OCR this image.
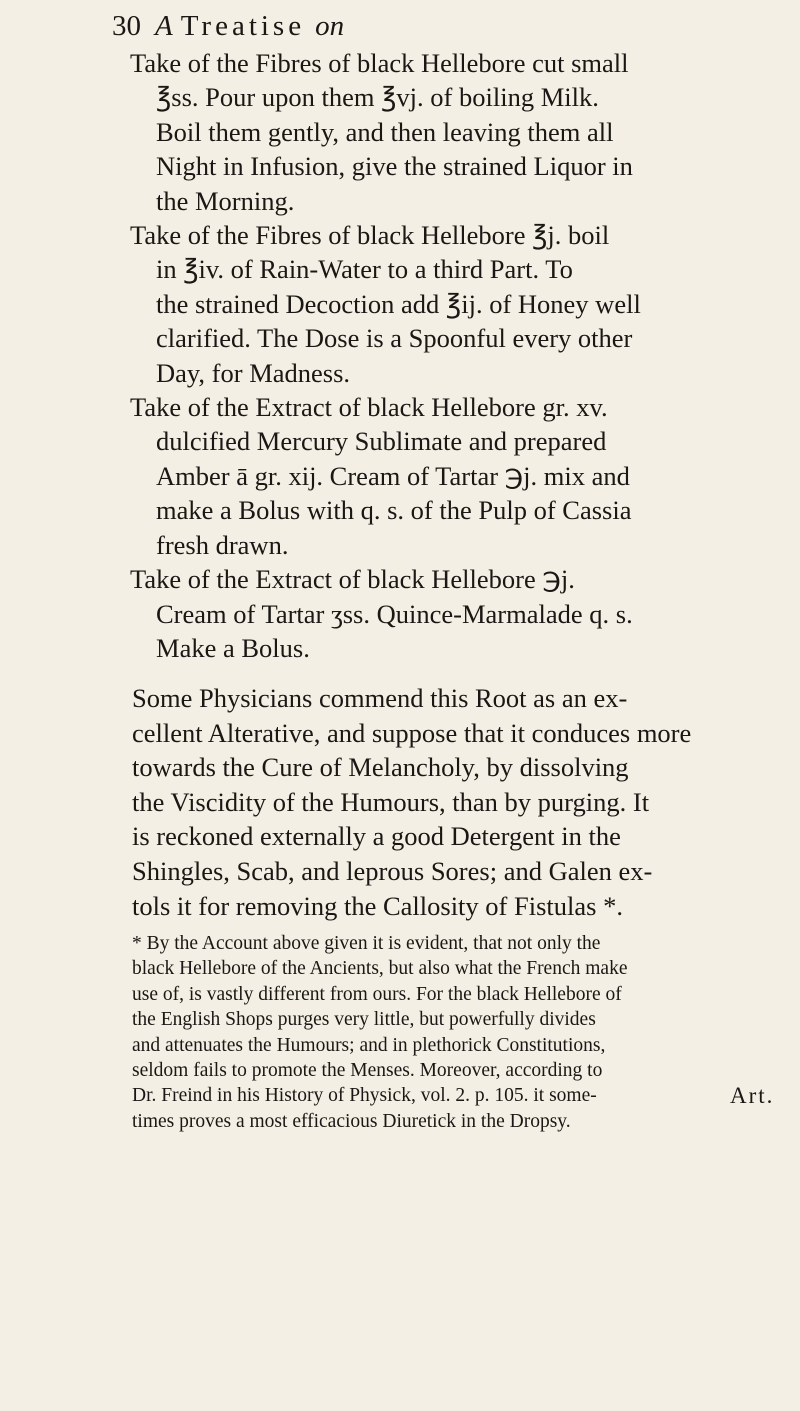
30 A Treatise on

Take of the Fibres of black Hellebore cut small
℥ss. Pour upon them ℥vj. of boiling Milk.
Boil them gently, and then leaving them all
Night in Infusion, give the strained Liquor in
the Morning.

Take of the Fibres of black Hellebore ℥j. boil
in ℥iv. of Rain-Water to a third Part. To
the strained Decoction add ℥ij. of Honey well
clarified. The Dose is a Spoonful every other
Day, for Madness.

Take of the Extract of black Hellebore gr. xv.
dulcified Mercury Sublimate and prepared
Amber ā gr. xij. Cream of Tartar ℈j. mix and
make a Bolus with q. s. of the Pulp of Cassia
fresh drawn.

Take of the Extract of black Hellebore ℈j.
Cream of Tartar ʒss. Quince-Marmalade q. s.
Make a Bolus.

Some Physicians commend this Root as an ex-
cellent Alterative, and suppose that it conduces more
towards the Cure of Melancholy, by dissolving
the Viscidity of the Humours, than by purging. It
is reckoned externally a good Detergent in the
Shingles, Scab, and leprous Sores; and Galen ex-
tols it for removing the Callosity of Fistulas *.

* By the Account above given it is evident, that not only the
black Hellebore of the Ancients, but also what the French make
use of, is vastly different from ours. For the black Hellebore of
the English Shops purges very little, but powerfully divides
and attenuates the Humours; and in plethorick Constitutions,
seldom fails to promote the Menses. Moreover, according to
Dr. Freind in his History of Physick, vol. 2. p. 105. it some-
times proves a most efficacious Diuretick in the Dropsy.

Art.
